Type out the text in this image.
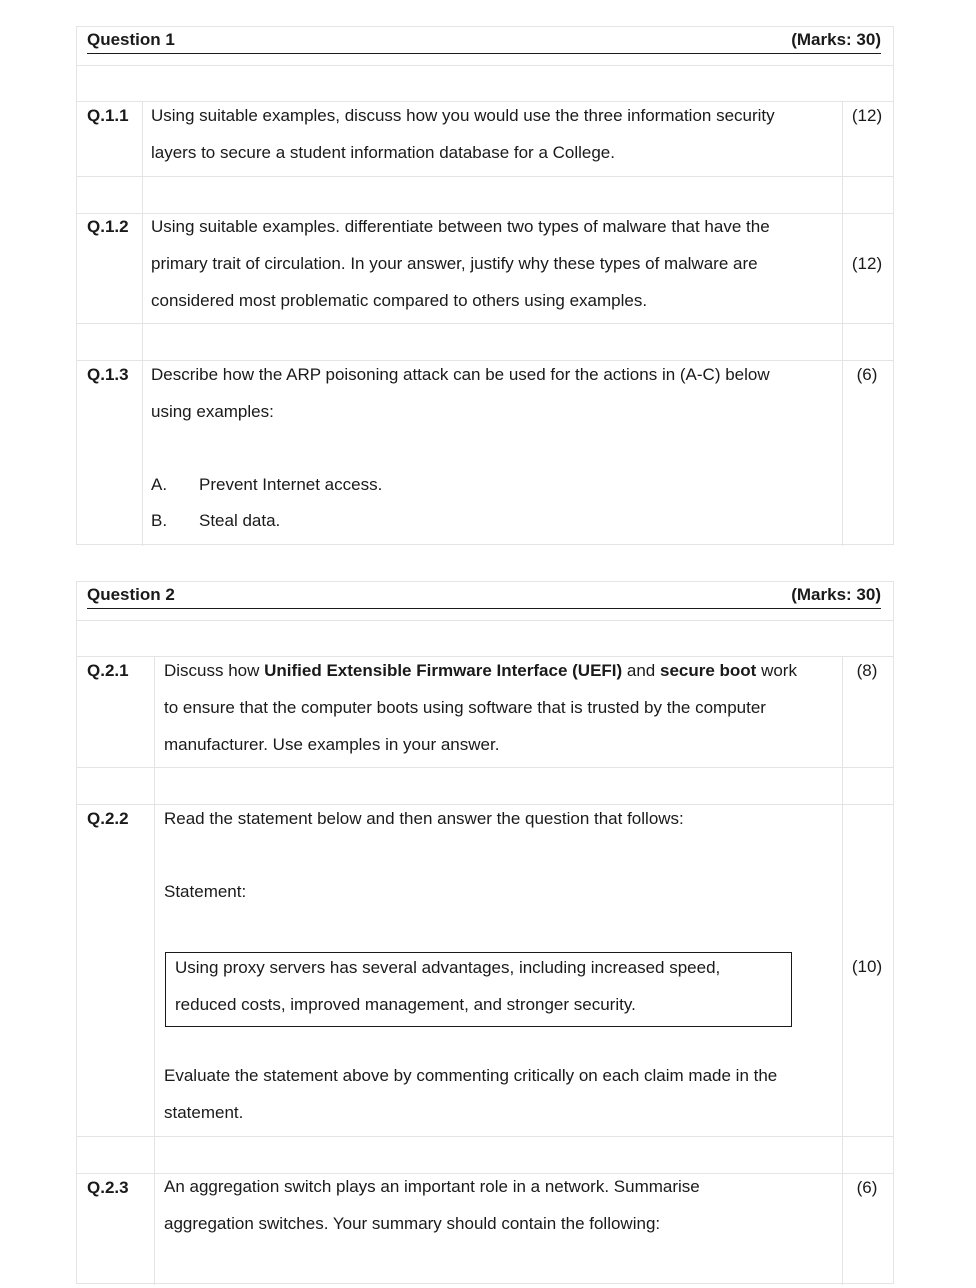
Question 1	(Marks: 30)
Q.1.1 Using suitable examples, discuss how you would use the three information security
layers to secure a student information database for a College.
(12)
Q.1.2 Using suitable examples. differentiate between two types of malware that have the
primary trait of circulation. In your answer, justify why these types of malware are
considered most problematic compared to others using examples.
(12)
Q.1.3 Describe how the ARP poisoning attack can be used for the actions in (A-C) below
using examples:
(6)
A. Prevent Internet access.
B. Steal data.
Question 2	(Marks: 30)
Q.2.1 Discuss how Unified Extensible Firmware Interface (UEFI) and secure boot work
to ensure that the computer boots using software that is trusted by the computer
manufacturer. Use examples in your answer.
(8)
Q.2.2 Read the statement below and then answer the question that follows:
Statement:
Using proxy servers has several advantages, including increased speed,
reduced costs, improved management, and stronger security.
(10)
Evaluate the statement above by commenting critically on each claim made in the
statement.
Q.2.3 An aggregation switch plays an important role in a network. Summarise
aggregation switches. Your summary should contain the following:
(6)
